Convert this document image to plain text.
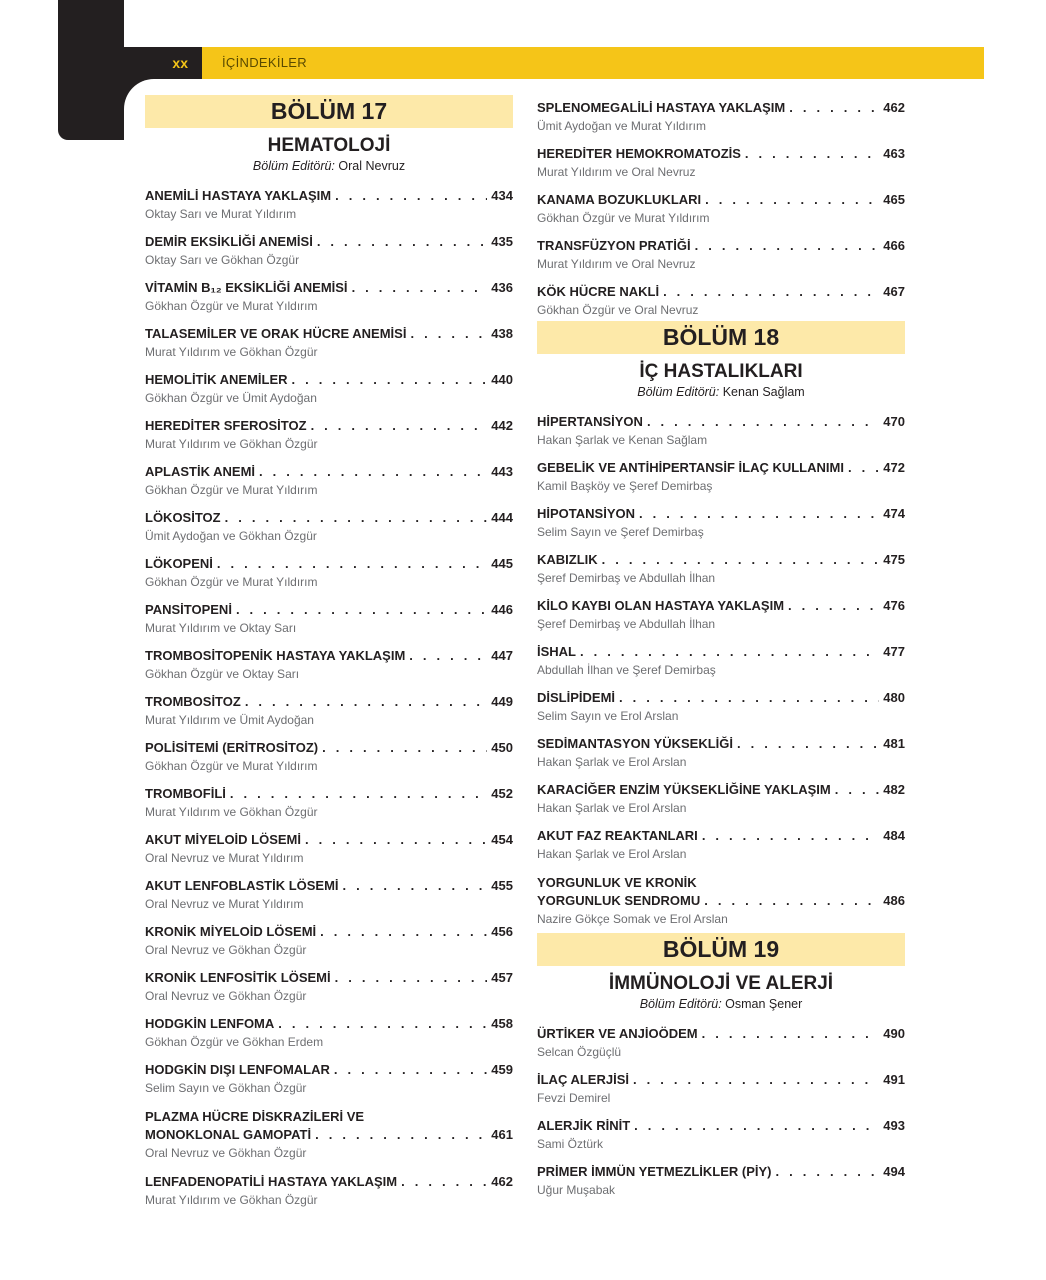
xx	İÇİNDEKİLER
BÖLÜM 17
HEMATOLOJİ
Bölüm Editörü: Oral Nevruz
ANEMİLİ HASTAYA YAKLAŞIM . . .	434
Oktay Sarı ve Murat Yıldırım
DEMİR EKSİKLİĞİ ANEMİSİ . . .	435
Oktay Sarı ve Gökhan Özgür
VİTAMİN B₁₂ EKSİKLİĞİ ANEMİSİ . . .	436
Gökhan Özgür ve Murat Yıldırım
TALASEMİLER VE ORAK HÜCRE ANEMİSİ . . .	438
Murat Yıldırım ve Gökhan Özgür
HEMOLİTİK ANEMİLER . . .	440
Gökhan Özgür ve Ümit Aydoğan
HEREDİTER SFEROSİTOZ . . .	442
Murat Yıldırım ve Gökhan Özgür
APLASTİK ANEMİ . . .	443
Gökhan Özgür ve Murat Yıldırım
LÖKOSİTOZ . . .	444
Ümit Aydoğan ve Gökhan Özgür
LÖKOPENİ . . .	445
Gökhan Özgür ve Murat Yıldırım
PANSİTOPENİ . . .	446
Murat Yıldırım ve Oktay Sarı
TROMBOSİTOPENİK HASTAYA YAKLAŞIM . . .	447
Gökhan Özgür ve Oktay Sarı
TROMBOSİTOZ . . .	449
Murat Yıldırım ve Ümit Aydoğan
POLİSİTEMİ (ERİTROSİTOZ) . . .	450
Gökhan Özgür ve Murat Yıldırım
TROMBOFİLİ . . .	452
Murat Yıldırım ve Gökhan Özgür
AKUT MİYELOİD LÖSEMİ . . .	454
Oral Nevruz ve Murat Yıldırım
AKUT LENFOBLASTİK LÖSEMİ . . .	455
Oral Nevruz ve Murat Yıldırım
KRONİK MİYELOİD LÖSEMİ . . .	456
Oral Nevruz ve Gökhan Özgür
KRONİK LENFOSİTİK LÖSEMİ . . .	457
Oral Nevruz ve Gökhan Özgür
HODGKİN LENFOMA . . .	458
Gökhan Özgür ve Gökhan Erdem
HODGKİN DIŞI LENFOMALAR . . .	459
Selim Sayın ve Gökhan Özgür
PLAZMA HÜCRE DİSKRAZİLERİ VE
MONOKLONAL GAMOPATİ . . .	461
Oral Nevruz ve Gökhan Özgür
LENFADENOPATİLİ HASTAYA YAKLAŞIM . . .	462
Murat Yıldırım ve Gökhan Özgür
SPLENOMEGALİLİ HASTAYA YAKLAŞIM . . .	462
Ümit Aydoğan ve Murat Yıldırım
HEREDİTER HEMOKROMATOZİS . . .	463
Murat Yıldırım ve Oral Nevruz
KANAMA BOZUKLUKLARI . . .	465
Gökhan Özgür ve Murat Yıldırım
TRANSFÜZYON PRATİĞİ . . .	466
Murat Yıldırım ve Oral Nevruz
KÖK HÜCRE NAKLİ . . .	467
Gökhan Özgür ve Oral Nevruz
BÖLÜM 18
İÇ HASTALIKLARI
Bölüm Editörü: Kenan Sağlam
HİPERTANSİYON . . .	470
Hakan Şarlak ve Kenan Sağlam
GEBELİK VE ANTİHİPERTANSİF İLAÇ KULLANIMI . . .	472
Kamil Başköy ve Şeref Demirbaş
HİPOTANSİYON . . .	474
Selim Sayın ve Şeref Demirbaş
KABIZLIK . . .	475
Şeref Demirbaş ve Abdullah İlhan
KİLO KAYBI OLAN HASTAYA YAKLAŞIM . . .	476
Şeref Demirbaş ve Abdullah İlhan
İSHAL . . .	477
Abdullah İlhan ve Şeref Demirbaş
DİSLİPİDEMİ . . .	480
Selim Sayın ve Erol Arslan
SEDİMANTASYON YÜKSEKLİĞİ . . .	481
Hakan Şarlak ve Erol Arslan
KARACİĞER ENZİM YÜKSEKLİĞİNE YAKLAŞIM . . .	482
Hakan Şarlak ve Erol Arslan
AKUT FAZ REAKTANLARI . . .	484
Hakan Şarlak ve Erol Arslan
YORGUNLUK VE KRONİK
YORGUNLUK SENDROMU . . .	486
Nazire Gökçe Somak ve Erol Arslan
BÖLÜM 19
İMMÜNOLOJİ VE ALERJİ
Bölüm Editörü: Osman Şener
ÜRTİKER VE ANJİOÖDEM . . .	490
Selcan Özgüçlü
İLAÇ ALERJİSİ . . .	491
Fevzi Demirel
ALERJİK RİNİT . . .	493
Sami Öztürk
PRİMER İMMÜN YETMEZLİKLER (PİY) . . .	494
Uğur Muşabak
